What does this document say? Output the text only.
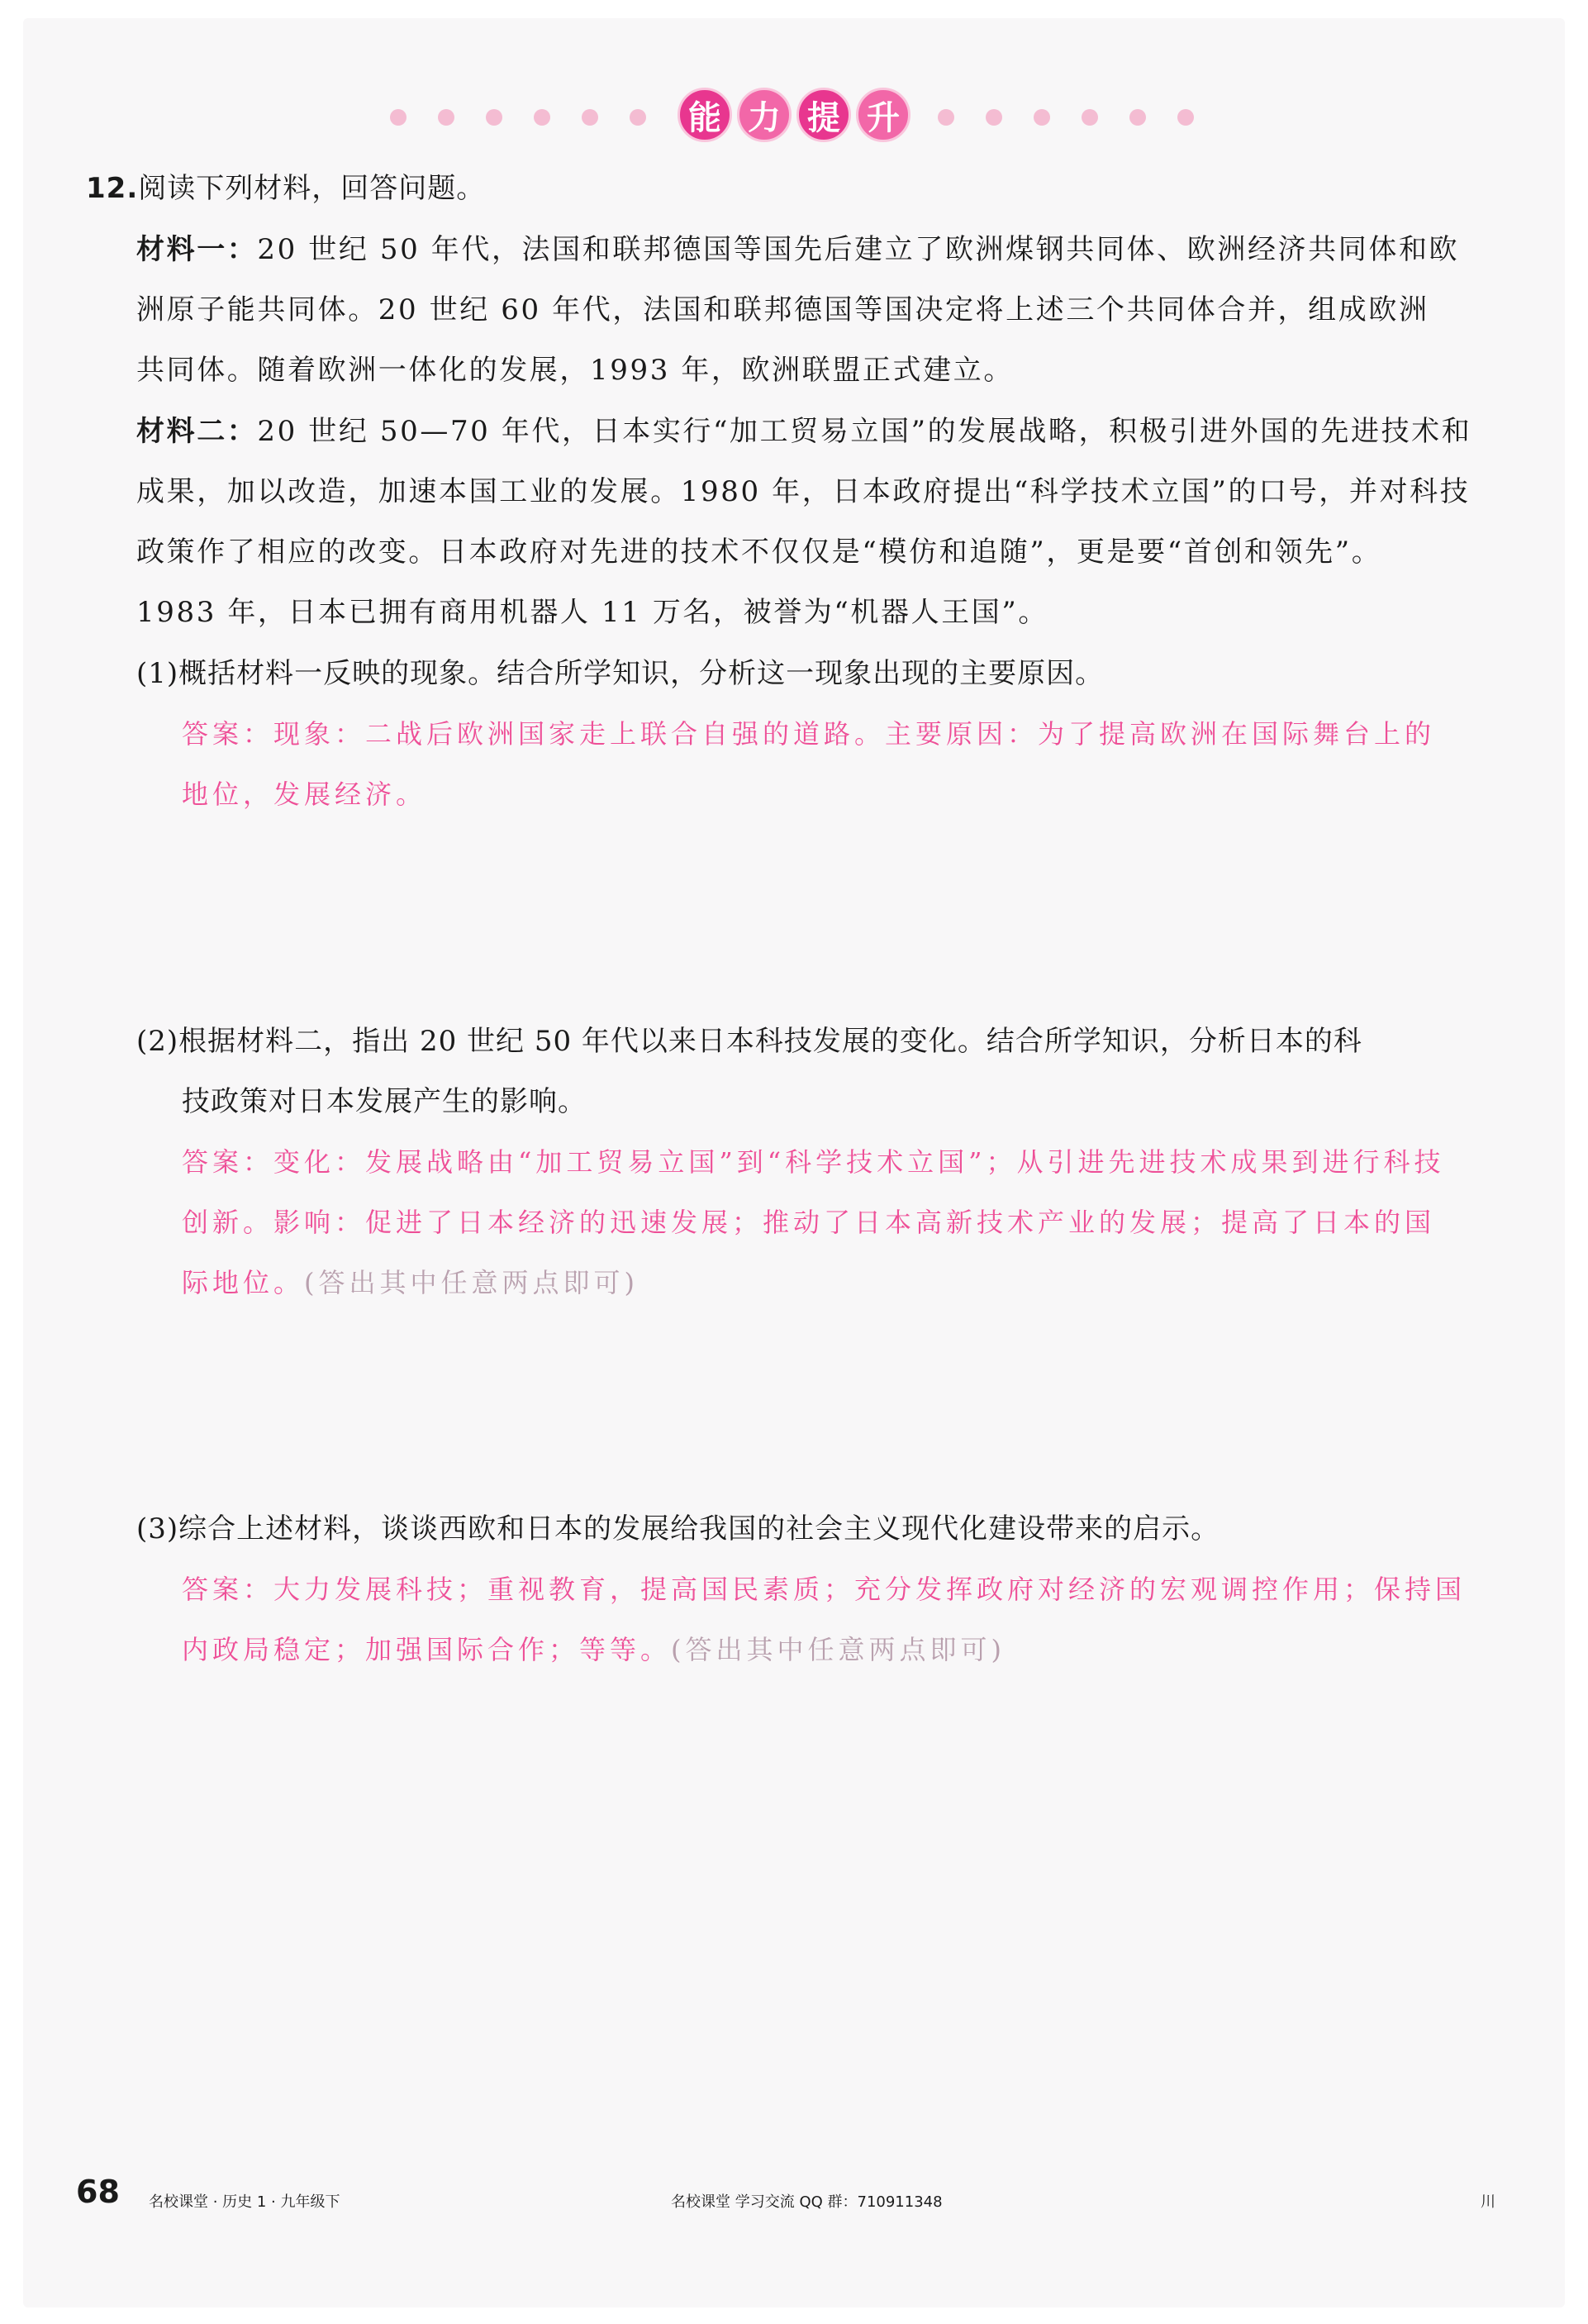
能 力 提 升
12.阅读下列材料，回答问题。
材料一：20 世纪 50 年代，法国和联邦德国等国先后建立了欧洲煤钢共同体、欧洲经济共同体和欧
洲原子能共同体。20 世纪 60 年代，法国和联邦德国等国决定将上述三个共同体合并，组成欧洲
共同体。随着欧洲一体化的发展，1993 年，欧洲联盟正式建立。
材料二：20 世纪 50—70 年代，日本实行“加工贸易立国”的发展战略，积极引进外国的先进技术和
成果，加以改造，加速本国工业的发展。1980 年，日本政府提出“科学技术立国”的口号，并对科技
政策作了相应的改变。日本政府对先进的技术不仅仅是“模仿和追随”，更是要“首创和领先”。
1983 年，日本已拥有商用机器人 11 万名，被誉为“机器人王国”。
(1)概括材料一反映的现象。结合所学知识，分析这一现象出现的主要原因。
答案：现象：二战后欧洲国家走上联合自强的道路。主要原因：为了提高欧洲在国际舞台上的
地位，发展经济。
(2)根据材料二，指出 20 世纪 50 年代以来日本科技发展的变化。结合所学知识，分析日本的科
技政策对日本发展产生的影响。
答案：变化：发展战略由“加工贸易立国”到“科学技术立国”；从引进先进技术成果到进行科技
创新。影响：促进了日本经济的迅速发展；推动了日本高新技术产业的发展；提高了日本的国
际地位。(答出其中任意两点即可)
(3)综合上述材料，谈谈西欧和日本的发展给我国的社会主义现代化建设带来的启示。
答案：大力发展科技；重视教育，提高国民素质；充分发挥政府对经济的宏观调控作用；保持国
内政局稳定；加强国际合作；等等。(答出其中任意两点即可)
68 名校课堂 · 历史 1 · 九年级下	名校课堂 学习交流 QQ 群：710911348	川
